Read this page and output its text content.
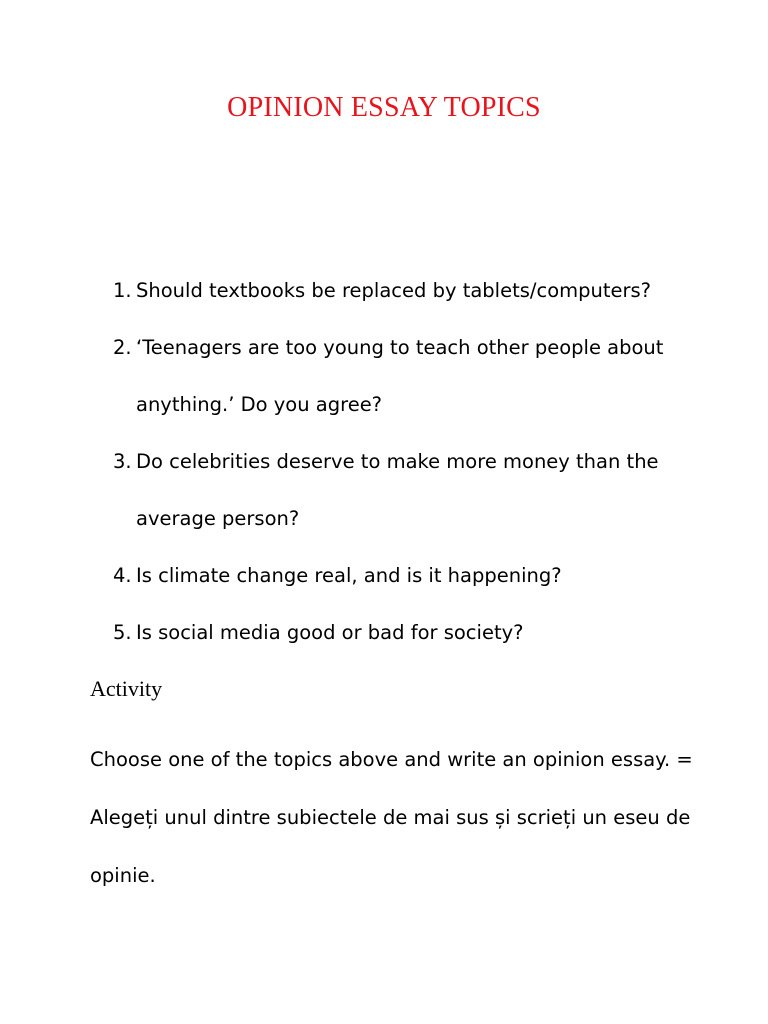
OPINION ESSAY TOPICS
1. Should textbooks be replaced by tablets/computers?
2. ‘Teenagers are too young to teach other people about anything.’ Do you agree?
3. Do celebrities deserve to make more money than the average person?
4. Is climate change real, and is it happening?
5. Is social media good or bad for society?
Activity

Choose one of the topics above and write an opinion essay. = Alegeți unul dintre subiectele de mai sus și scrieți un eseu de opinie.
